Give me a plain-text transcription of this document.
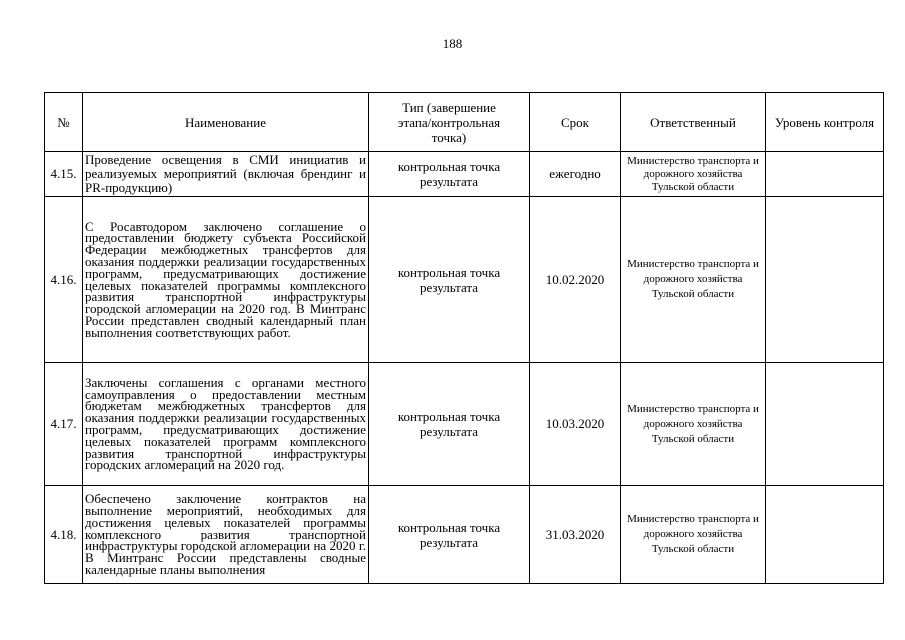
188
№	Наименование	Тип (завершение этапа/контрольная точка)	Срок	Ответственный	Уровень контроля
4.15.	Проведение освещения в СМИ инициатив и реализуемых мероприятий (включая брендинг и PR-продукцию)	контрольная точка результата	ежегодно	Министерство транспорта и дорожного хозяйства Тульской области	
4.16.	С Росавтодором заключено соглашение о предоставлении бюджету субъекта Российской Федерации межбюджетных трансфертов для оказания поддержки реализации государственных программ, предусматривающих достижение целевых показателей программы комплексного развития транспортной инфраструктуры городской агломерации на 2020 год. В Минтранс России представлен сводный календарный план выполнения соответствующих работ.	контрольная точка результата	10.02.2020	Министерство транспорта и дорожного хозяйства Тульской области	
4.17.	Заключены соглашения с органами местного самоуправления о предоставлении местным бюджетам межбюджетных трансфертов для оказания поддержки реализации государственных программ, предусматривающих достижение целевых показателей программ комплексного развития транспортной инфраструктуры городских агломераций на 2020 год.	контрольная точка результата	10.03.2020	Министерство транспорта и дорожного хозяйства Тульской области	
4.18.	Обеспечено заключение контрактов на выполнение мероприятий, необходимых для достижения целевых показателей программы комплексного развития транспортной инфраструктуры городской агломерации на 2020 г. В Минтранс России представлены сводные календарные планы выполнения	контрольная точка результата	31.03.2020	Министерство транспорта и дорожного хозяйства Тульской области	
